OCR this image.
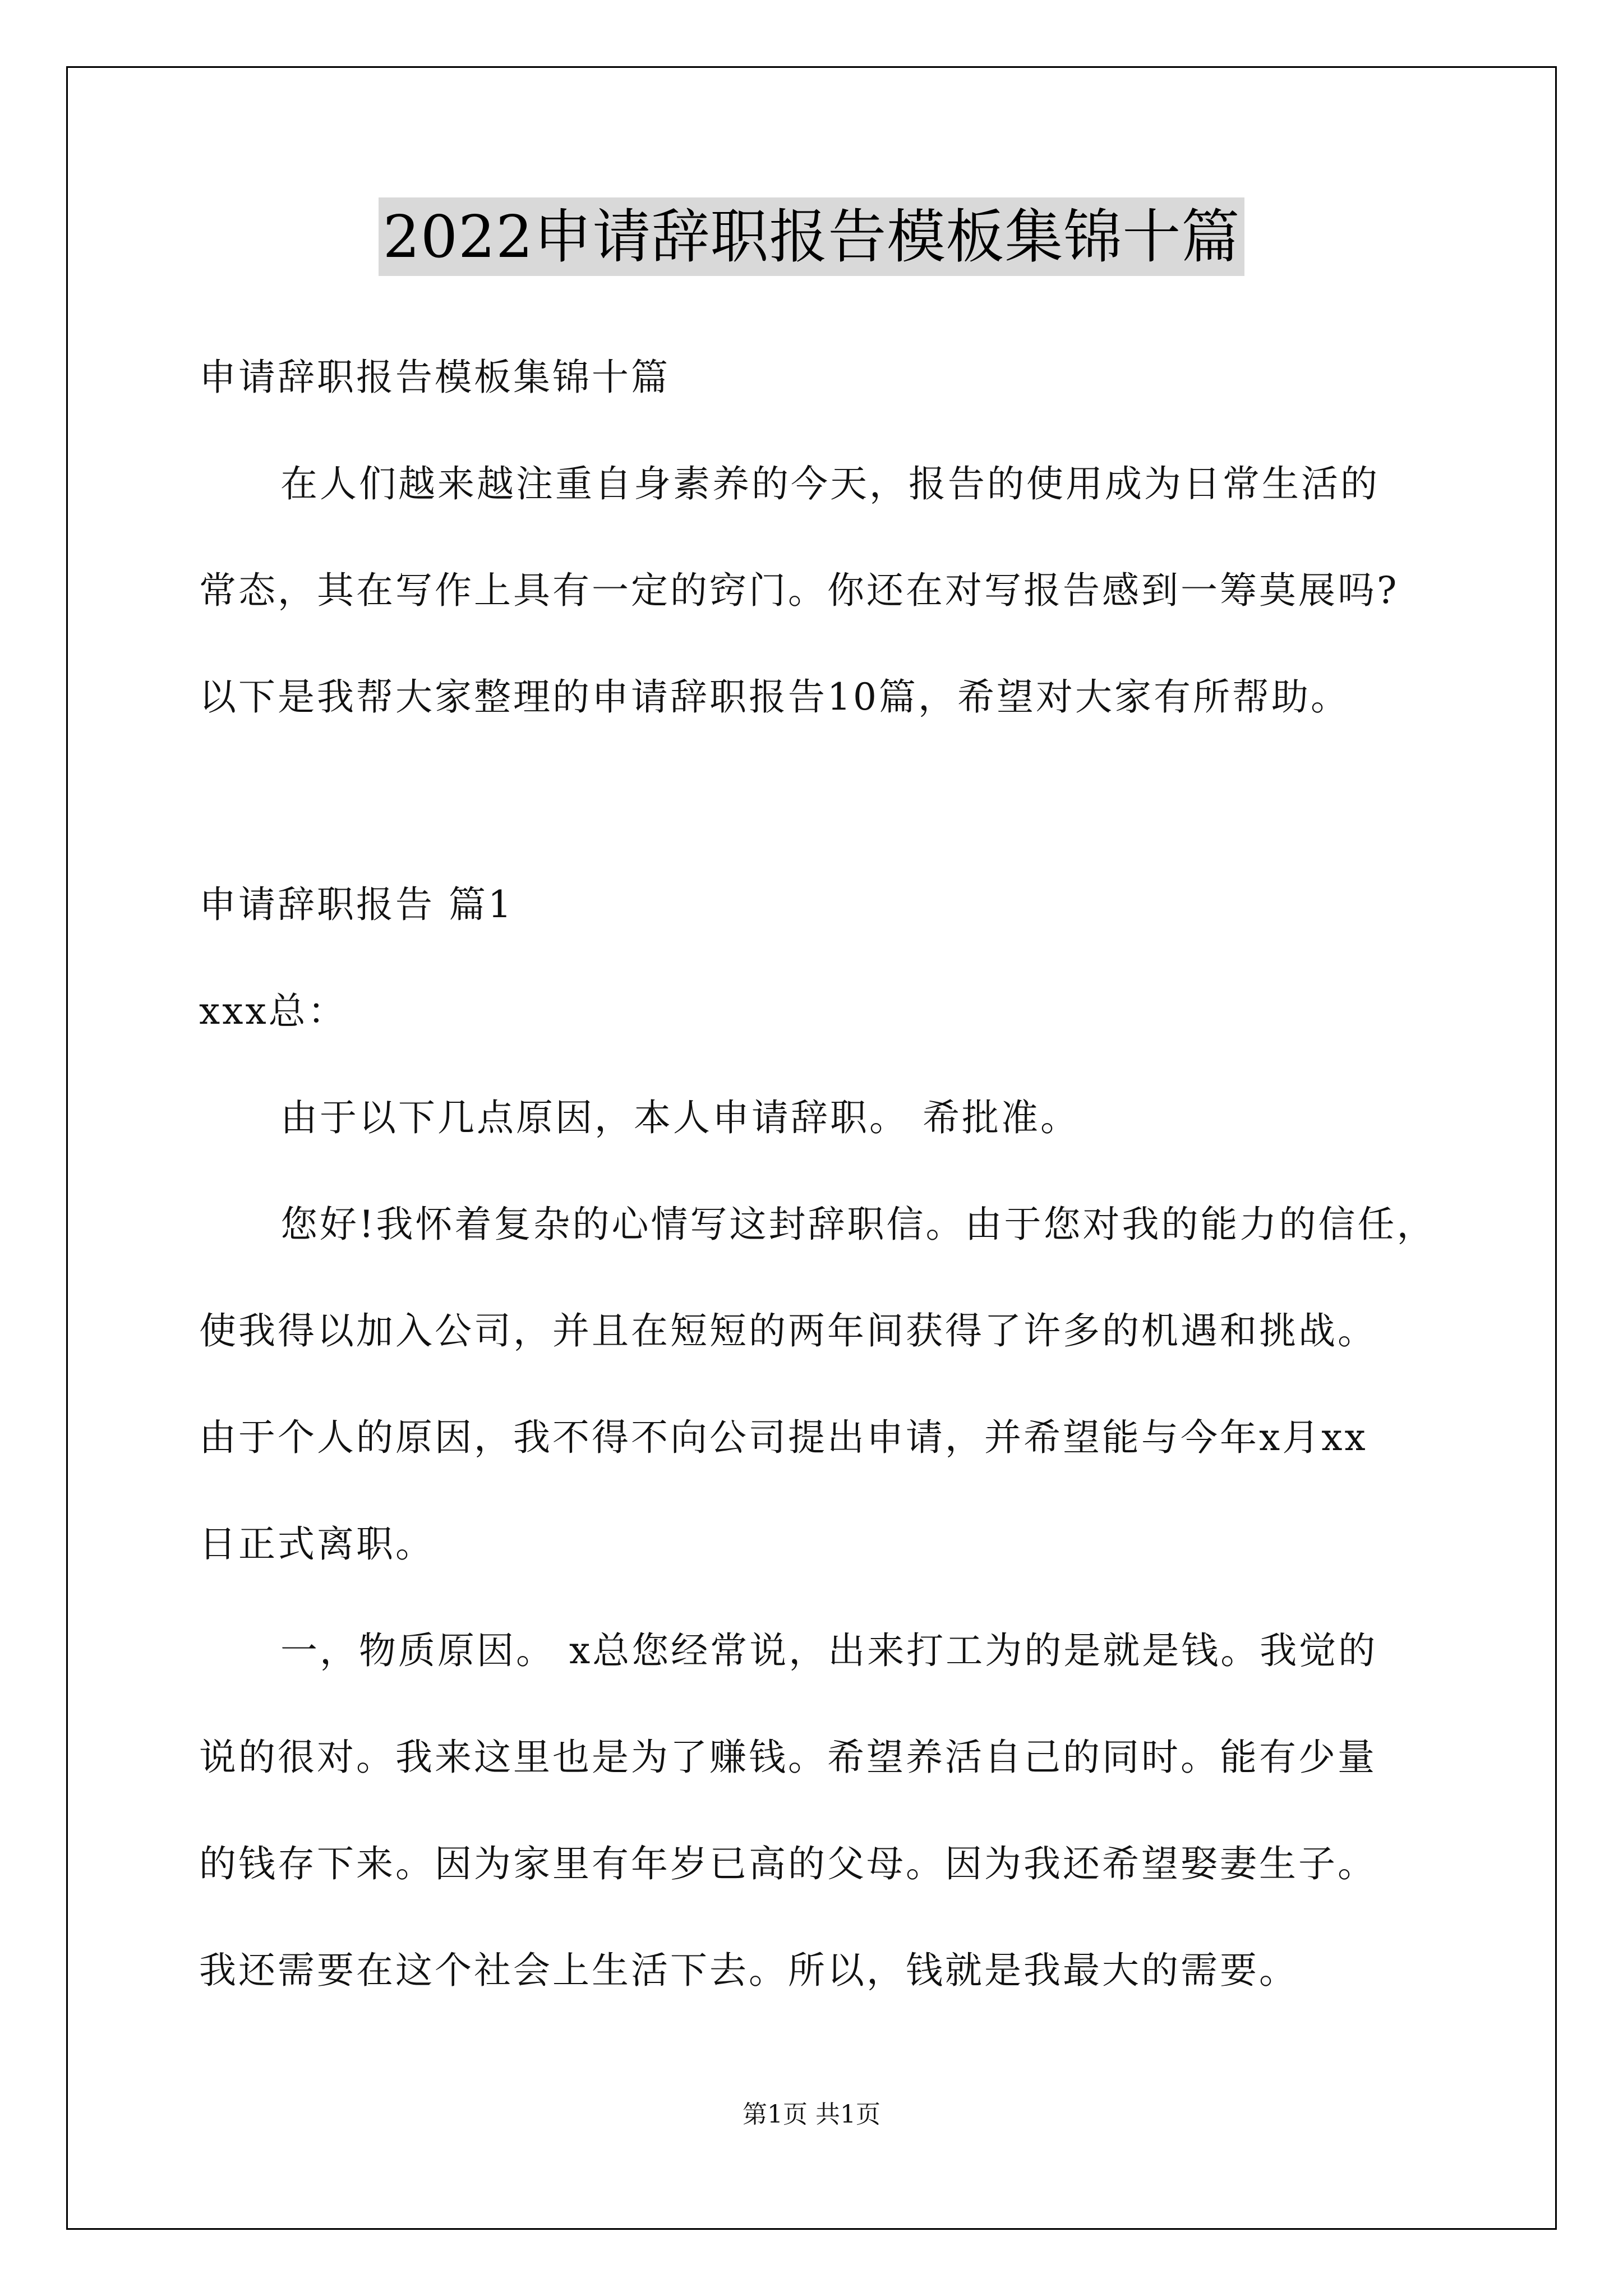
2022申请辞职报告模板集锦十篇
申请辞职报告模板集锦十篇
在人们越来越注重自身素养的今天，报告的使用成为日常生活的
常态，其在写作上具有一定的窍门。你还在对写报告感到一筹莫展吗?
以下是我帮大家整理的申请辞职报告10篇，希望对大家有所帮助。
申请辞职报告 篇1
xxx总：
由于以下几点原因，本人申请辞职。 希批准。
您好!我怀着复杂的心情写这封辞职信。由于您对我的能力的信任，
使我得以加入公司，并且在短短的两年间获得了许多的机遇和挑战。
由于个人的原因，我不得不向公司提出申请，并希望能与今年x月xx
日正式离职。
一，物质原因。 x总您经常说，出来打工为的是就是钱。我觉的
说的很对。我来这里也是为了赚钱。希望养活自己的同时。能有少量
的钱存下来。因为家里有年岁已高的父母。因为我还希望娶妻生子。
我还需要在这个社会上生活下去。所以，钱就是我最大的需要。
第1页 共1页
